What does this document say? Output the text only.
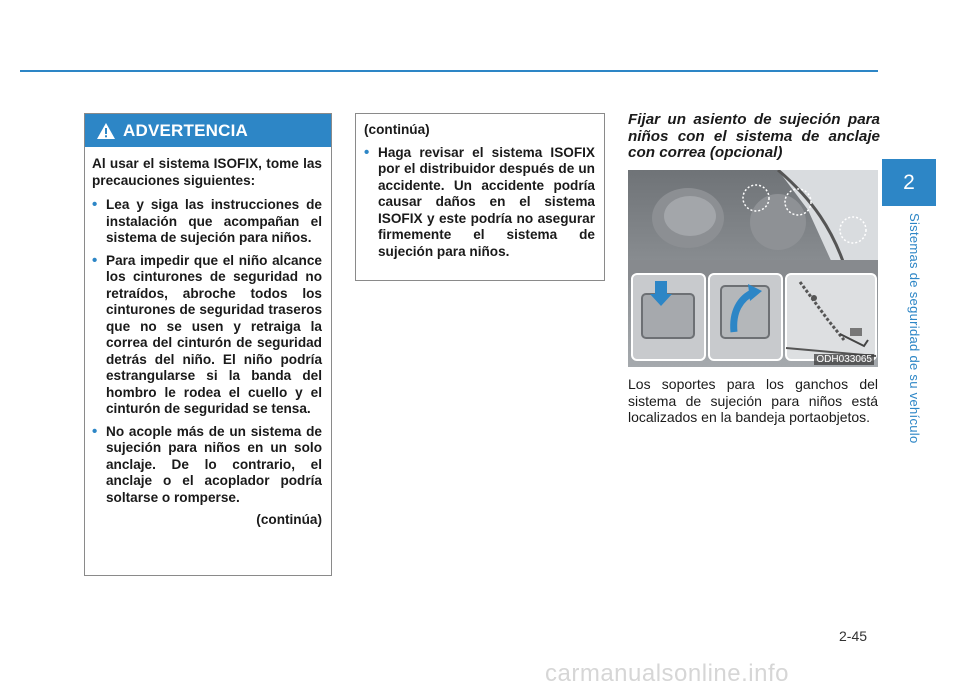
ADVERTENCIA

Al usar el sistema ISOFIX, tome las precauciones siguientes:

• Lea y siga las instrucciones de instalación que acompañan el sistema de sujeción para niños.
• Para impedir que el niño alcance los cinturones de seguridad no retraídos, abroche todos los cinturones de seguridad traseros que no se usen y retraiga la correa del cinturón de seguridad detrás del niño. El niño podría estrangularse si la banda del hombro le rodea el cuello y el cinturón de seguridad se tensa.
• No acople más de un sistema de sujeción para niños en un solo anclaje. De lo contrario, el anclaje o el acoplador podría soltarse o romperse.
(continúa)
(continúa)
• Haga revisar el sistema ISOFIX por el distribuidor después de un accidente. Un accidente podría causar daños en el sistema ISOFIX y este podría no asegurar firmemente el sistema de sujeción para niños.
Fijar un asiento de sujeción para niños con el sistema de anclaje con correa (opcional)
ODH033065
Los soportes para los ganchos del sistema de sujeción para niños está localizados en la bandeja portaobjetos.
2
Sistemas de seguridad de su vehículo
2-45
carmanualsonline.info
